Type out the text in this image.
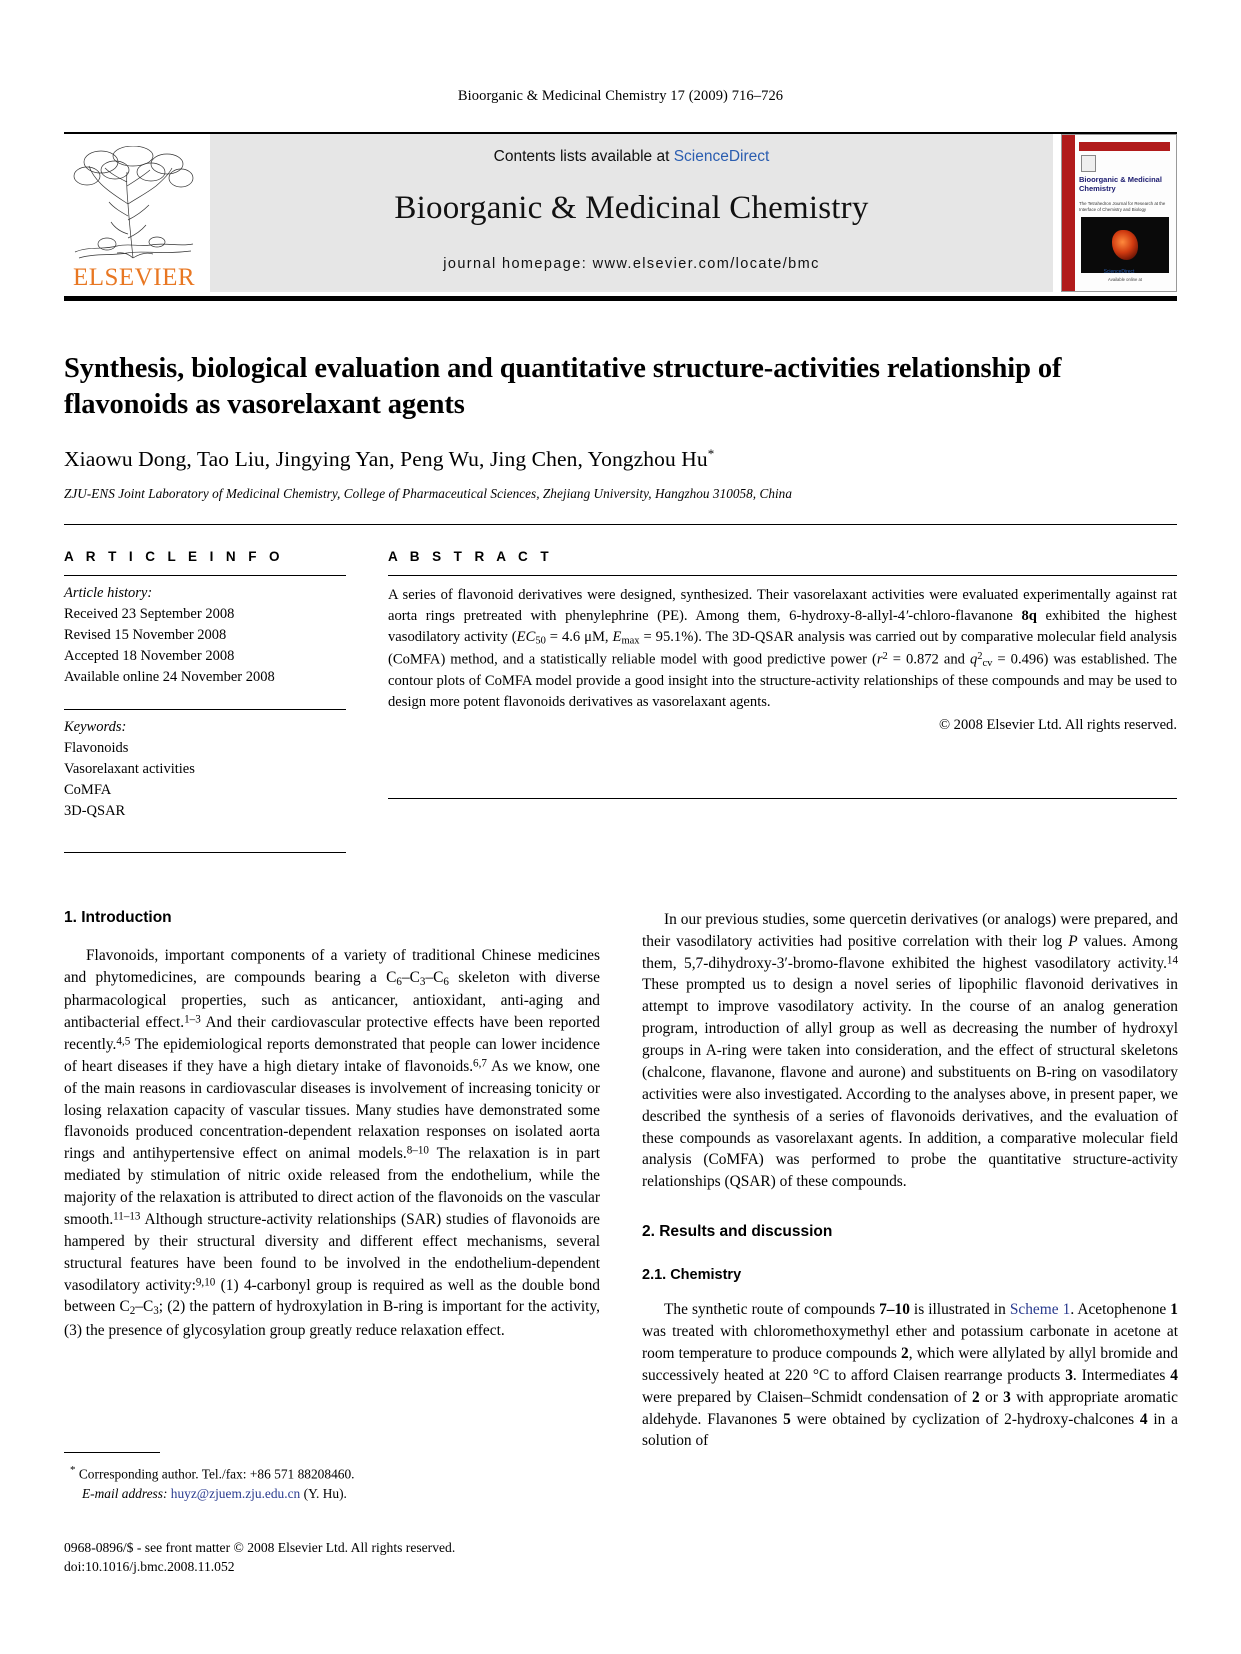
Bioorganic & Medicinal Chemistry 17 (2009) 716–726
ELSEVIER
Contents lists available at ScienceDirect
Bioorganic & Medicinal Chemistry
journal homepage: www.elsevier.com/locate/bmc
Bioorganic & Medicinal Chemistry
The Tetrahedron Journal for Research at the Interface of Chemistry and Biology
Available online at
ScienceDirect
Synthesis, biological evaluation and quantitative structure-activities relationship of flavonoids as vasorelaxant agents
Xiaowu Dong, Tao Liu, Jingying Yan, Peng Wu, Jing Chen, Yongzhou Hu*
ZJU-ENS Joint Laboratory of Medicinal Chemistry, College of Pharmaceutical Sciences, Zhejiang University, Hangzhou 310058, China
A R T I C L E I N F O
Article history:
Received 23 September 2008
Revised 15 November 2008
Accepted 18 November 2008
Available online 24 November 2008
Keywords:
Flavonoids
Vasorelaxant activities
CoMFA
3D-QSAR
A B S T R A C T
A series of flavonoid derivatives were designed, synthesized. Their vasorelaxant activities were evaluated experimentally against rat aorta rings pretreated with phenylephrine (PE). Among them, 6-hydroxy-8-allyl-4′-chloro-flavanone 8q exhibited the highest vasodilatory activity ($EC_{50} = 4.6$ μM, $E_{max} = 95.1\%$). The 3D-QSAR analysis was carried out by comparative molecular field analysis (CoMFA) method, and a statistically reliable model with good predictive power ($r^2 = 0.872$ and $q^2_{cv} = 0.496$) was established. The contour plots of CoMFA model provide a good insight into the structure-activity relationships of these compounds and may be used to design more potent flavonoids derivatives as vasorelaxant agents.
© 2008 Elsevier Ltd. All rights reserved.
1. Introduction

Flavonoids, important components of a variety of traditional Chinese medicines and phytomedicines, are compounds bearing a $C_6-C_3-C_6$ skeleton with diverse pharmacological properties, such as anticancer, antioxidant, anti-aging and antibacterial effect.$^{1-3}$ And their cardiovascular protective effects have been reported recently.$^{4,5}$ The epidemiological reports demonstrated that people can lower incidence of heart diseases if they have a high dietary intake of flavonoids.$^{6,7}$ As we know, one of the main reasons in cardiovascular diseases is involvement of increasing tonicity or losing relaxation capacity of vascular tissues. Many studies have demonstrated some flavonoids produced concentration-dependent relaxation responses on isolated aorta rings and antihypertensive effect on animal models.$^{8-10}$ The relaxation is in part mediated by stimulation of nitric oxide released from the endothelium, while the majority of the relaxation is attributed to direct action of the flavonoids on the vascular smooth.$^{11-13}$ Although structure-activity relationships (SAR) studies of flavonoids are hampered by their structural diversity and different effect mechanisms, several structural features have been found to be involved in the endothelium-dependent vasodilatory activity:$^{9,10}$ (1) 4-carbonyl group is required as well as the double bond between $C_2-C_3$; (2) the pattern of hydroxylation in B-ring is important for the activity, (3) the presence of glycosylation group greatly reduce relaxation effect.

In our previous studies, some quercetin derivatives (or analogs) were prepared, and their vasodilatory activities had positive correlation with their log P values. Among them, 5,7-dihydroxy-3′-bromo-flavone exhibited the highest vasodilatory activity.$^{14}$ These prompted us to design a novel series of lipophilic flavonoid derivatives in attempt to improve vasodilatory activity. In the course of an analog generation program, introduction of allyl group as well as decreasing the number of hydroxyl groups in A-ring were taken into consideration, and the effect of structural skeletons (chalcone, flavanone, flavone and aurone) and substituents on B-ring on vasodilatory activities were also investigated. According to the analyses above, in present paper, we described the synthesis of a series of flavonoids derivatives, and the evaluation of these compounds as vasorelaxant agents. In addition, a comparative molecular field analysis (CoMFA) was performed to probe the quantitative structure-activity relationships (QSAR) of these compounds.

2. Results and discussion
2.1. Chemistry

The synthetic route of compounds 7–10 is illustrated in Scheme 1. Acetophenone 1 was treated with chloromethoxymethyl ether and potassium carbonate in acetone at room temperature to produce compounds 2, which were allylated by allyl bromide and successively heated at 220 °C to afford Claisen rearrange products 3. Intermediates 4 were prepared by Claisen–Schmidt condensation of 2 or 3 with appropriate aromatic aldehyde. Flavanones 5 were obtained by cyclization of 2-hydroxy-chalcones 4 in a solution of

* Corresponding author. Tel./fax: +86 571 88208460.
E-mail address: huyz@zjuem.zju.edu.cn (Y. Hu).
0968-0896/$ - see front matter © 2008 Elsevier Ltd. All rights reserved.
doi:10.1016/j.bmc.2008.11.052
